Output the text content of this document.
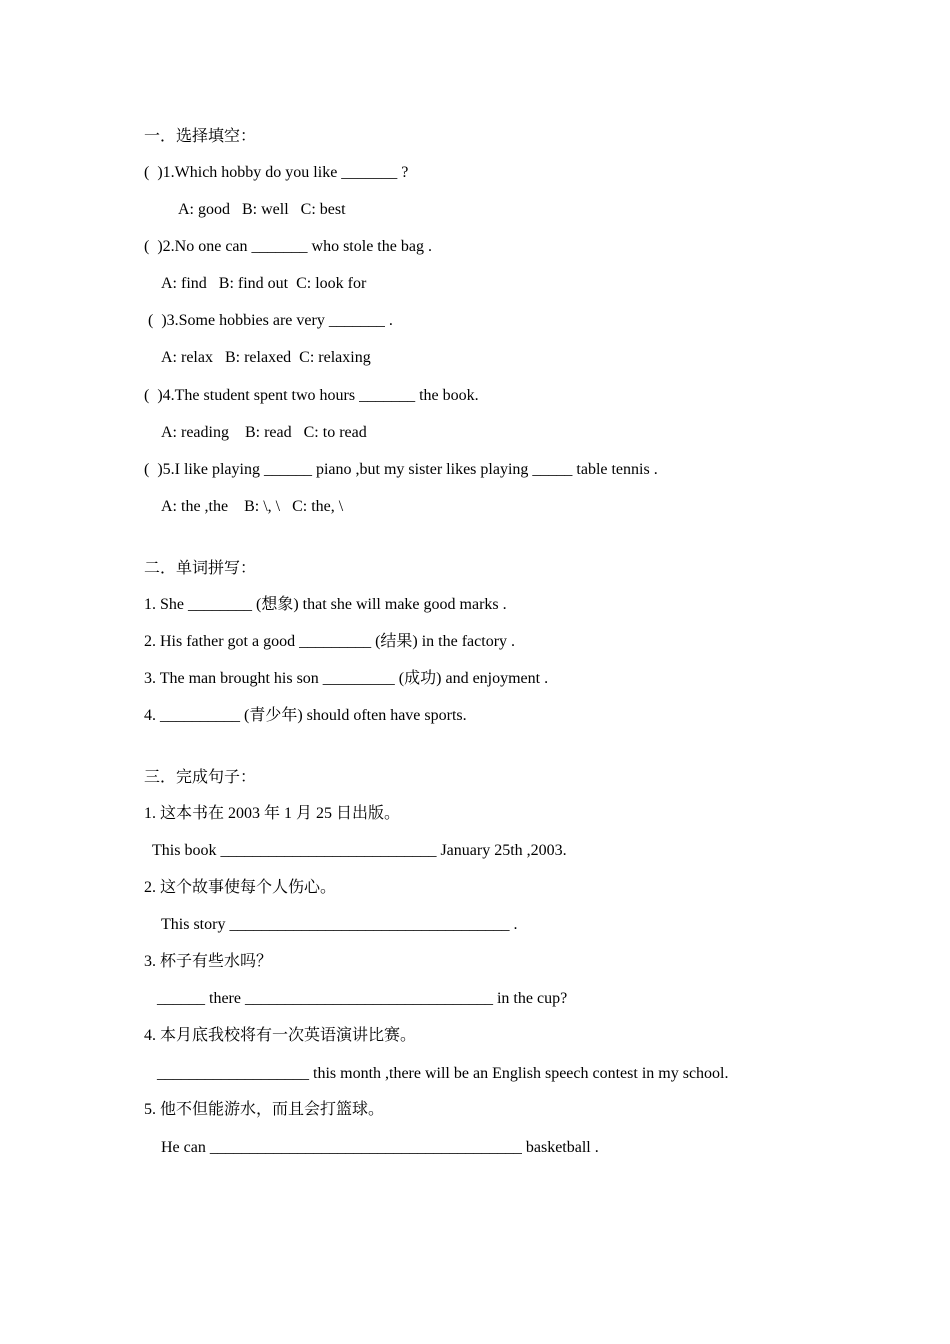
一．选择填空：
(  )1.Which hobby do you like _______ ?
A: good   B: well   C: best
(  )2.No one can _______ who stole the bag .
A: find   B: find out  C: look for
(  )3.Some hobbies are very _______ .
A: relax   B: relaxed  C: relaxing
(  )4.The student spent two hours _______ the book.
A: reading    B: read   C: to read
(  )5.I like playing ______ piano ,but my sister likes playing _____ table tennis .
A: the ,the    B: \, \   C: the, \
二．单词拼写：
1. She ________ (想象) that she will make good marks .
2. His father got a good _________ (结果) in the factory .
3. The man brought his son _________ (成功) and enjoyment .
4. __________ (青少年) should often have sports.
三．完成句子：
1. 这本书在 2003 年 1 月 25 日出版。
This book ___________________________ January 25th ,2003.
2. 这个故事使每个人伤心。
This story ___________________________________ .
3. 杯子有些水吗？
______ there _______________________________ in the cup?
4. 本月底我校将有一次英语演讲比赛。
___________________ this month ,there will be an English speech contest in my school.
5. 他不但能游水，而且会打篮球。
He can _______________________________________ basketball .
